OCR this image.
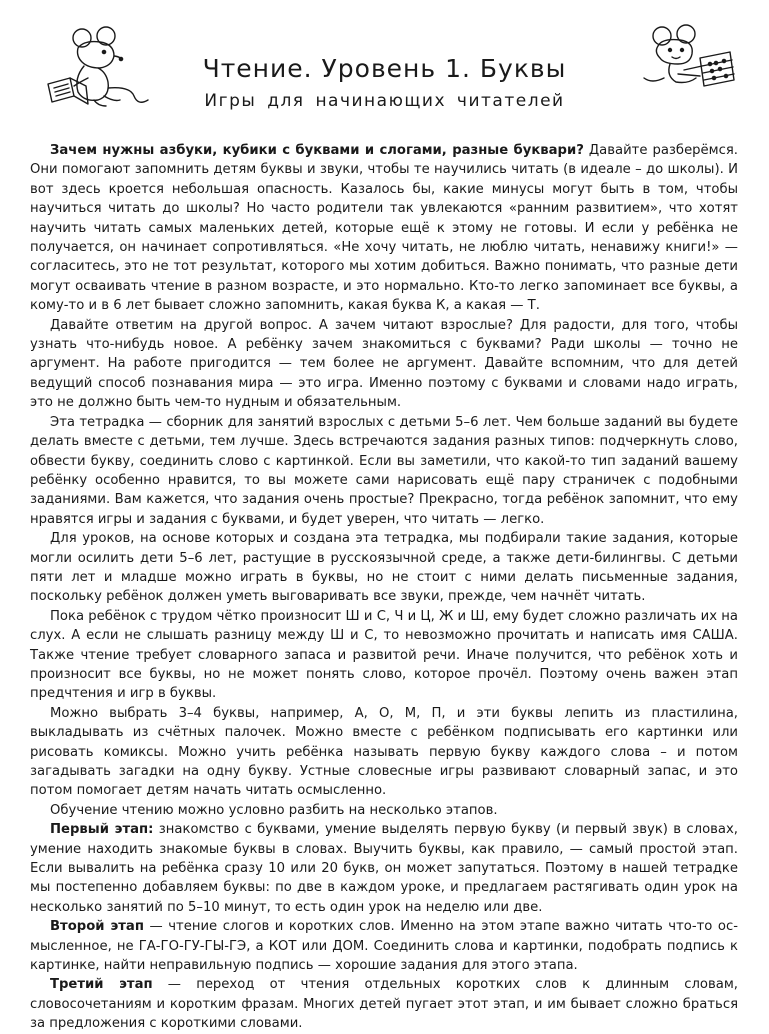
Чтение. Уровень 1. Буквы
Игры для начинающих читателей

Зачем нужны азбуки, кубики с буквами и слогами, разные буквари? Давайте разберёмся. Они помогают запомнить детям буквы и звуки, чтобы те научились читать (в идеале – до школы). И вот здесь кроется небольшая опасность. Казалось бы, какие минусы могут быть в том, чтобы научиться читать до школы? Но часто родители так увлекаются «ранним развитием», что хотят научить читать самых маленьких детей, которые ещё к этому не готовы. И если у ребёнка не получается, он начинает сопротивляться. «Не хочу читать, не люблю читать, ненавижу книги!» — согласитесь, это не тот результат, которого мы хотим добиться. Важно понимать, что разные дети могут осваивать чтение в разном возрасте, и это нормально. Кто-то легко запоминает все буквы, а кому-то и в 6 лет бывает сложно запомнить, какая буква К, а какая — Т.

Давайте ответим на другой вопрос. А зачем читают взрослые? Для радости, для того, чтобы узнать что-нибудь новое. А ребёнку зачем знакомиться с буквами? Ради школы — точно не аргумент. На работе пригодится — тем более не аргумент. Давайте вспомним, что для детей ведущий способ познавания мира — это игра. Именно поэтому с буквами и словами надо играть, это не должно быть чем-то нудным и обязательным.

Эта тетрадка — сборник для занятий взрослых с детьми 5–6 лет. Чем больше заданий вы будете делать вместе с детьми, тем лучше. Здесь встречаются задания разных типов: подчеркнуть слово, обвести букву, соединить слово с картинкой. Если вы заметили, что какой-то тип заданий вашему ребёнку особенно нравится, то вы можете сами нарисовать ещё пару страничек с подобными заданиями. Вам кажется, что задания очень простые? Прекрасно, тогда ребёнок запомнит, что ему нравятся игры и задания с буквами, и будет уверен, что читать — легко.

Для уроков, на основе которых и создана эта тетрадка, мы подбирали такие задания, которые могли осилить дети 5–6 лет, растущие в русскоязычной среде, а также дети-билингвы. С детьми пяти лет и младше можно играть в буквы, но не стоит с ними делать письменные задания, поскольку ребёнок должен уметь выговаривать все звуки, прежде, чем начнёт читать.

Пока ребёнок с трудом чётко произносит Ш и С, Ч и Ц, Ж и Ш, ему будет сложно различать их на слух. А если не слышать разницу между Ш и С, то невозможно прочитать и написать имя САША. Также чтение требует словарного запаса и развитой речи. Иначе получится, что ребёнок хоть и произносит все буквы, но не может понять слово, которое прочёл. Поэтому очень важен этап предчтения и игр в буквы.

Можно выбрать 3–4 буквы, например, А, О, М, П, и эти буквы лепить из пластилина, выкладывать из счётных палочек. Можно вместе с ребёнком подписывать его картинки или рисовать комиксы. Можно учить ребёнка называть первую букву каждого слова – и потом загадывать загадки на одну букву. Устные словесные игры развивают словарный запас, и это потом помогает детям начать читать осмысленно.

Обучение чтению можно условно разбить на несколько этапов.

Первый этап: знакомство с буквами, умение выделять первую букву (и первый звук) в словах, умение находить знакомые буквы в словах. Выучить буквы, как правило, — самый простой этап. Если вывалить на ребёнка сразу 10 или 20 букв, он может запутаться. Поэтому в нашей тетрадке мы постепенно добавляем буквы: по две в каждом уроке, и предлагаем растягивать один урок на несколько занятий по 5–10 минут, то есть один урок на неделю или две.

Второй этап — чтение слогов и коротких слов. Именно на этом этапе важно читать что-то осмысленное, не ГА-ГО-ГУ-ГЫ-ГЭ, а КОТ или ДОМ. Соединить слова и картинки, подобрать подпись к картинке, найти неправильную подпись — хорошие задания для этого этапа.

Третий этап — переход от чтения отдельных коротких слов к длинным словам, словосочетаниям и коротким фразам. Многих детей пугает этот этап, и им бывает сложно браться за предложения с короткими словами.
